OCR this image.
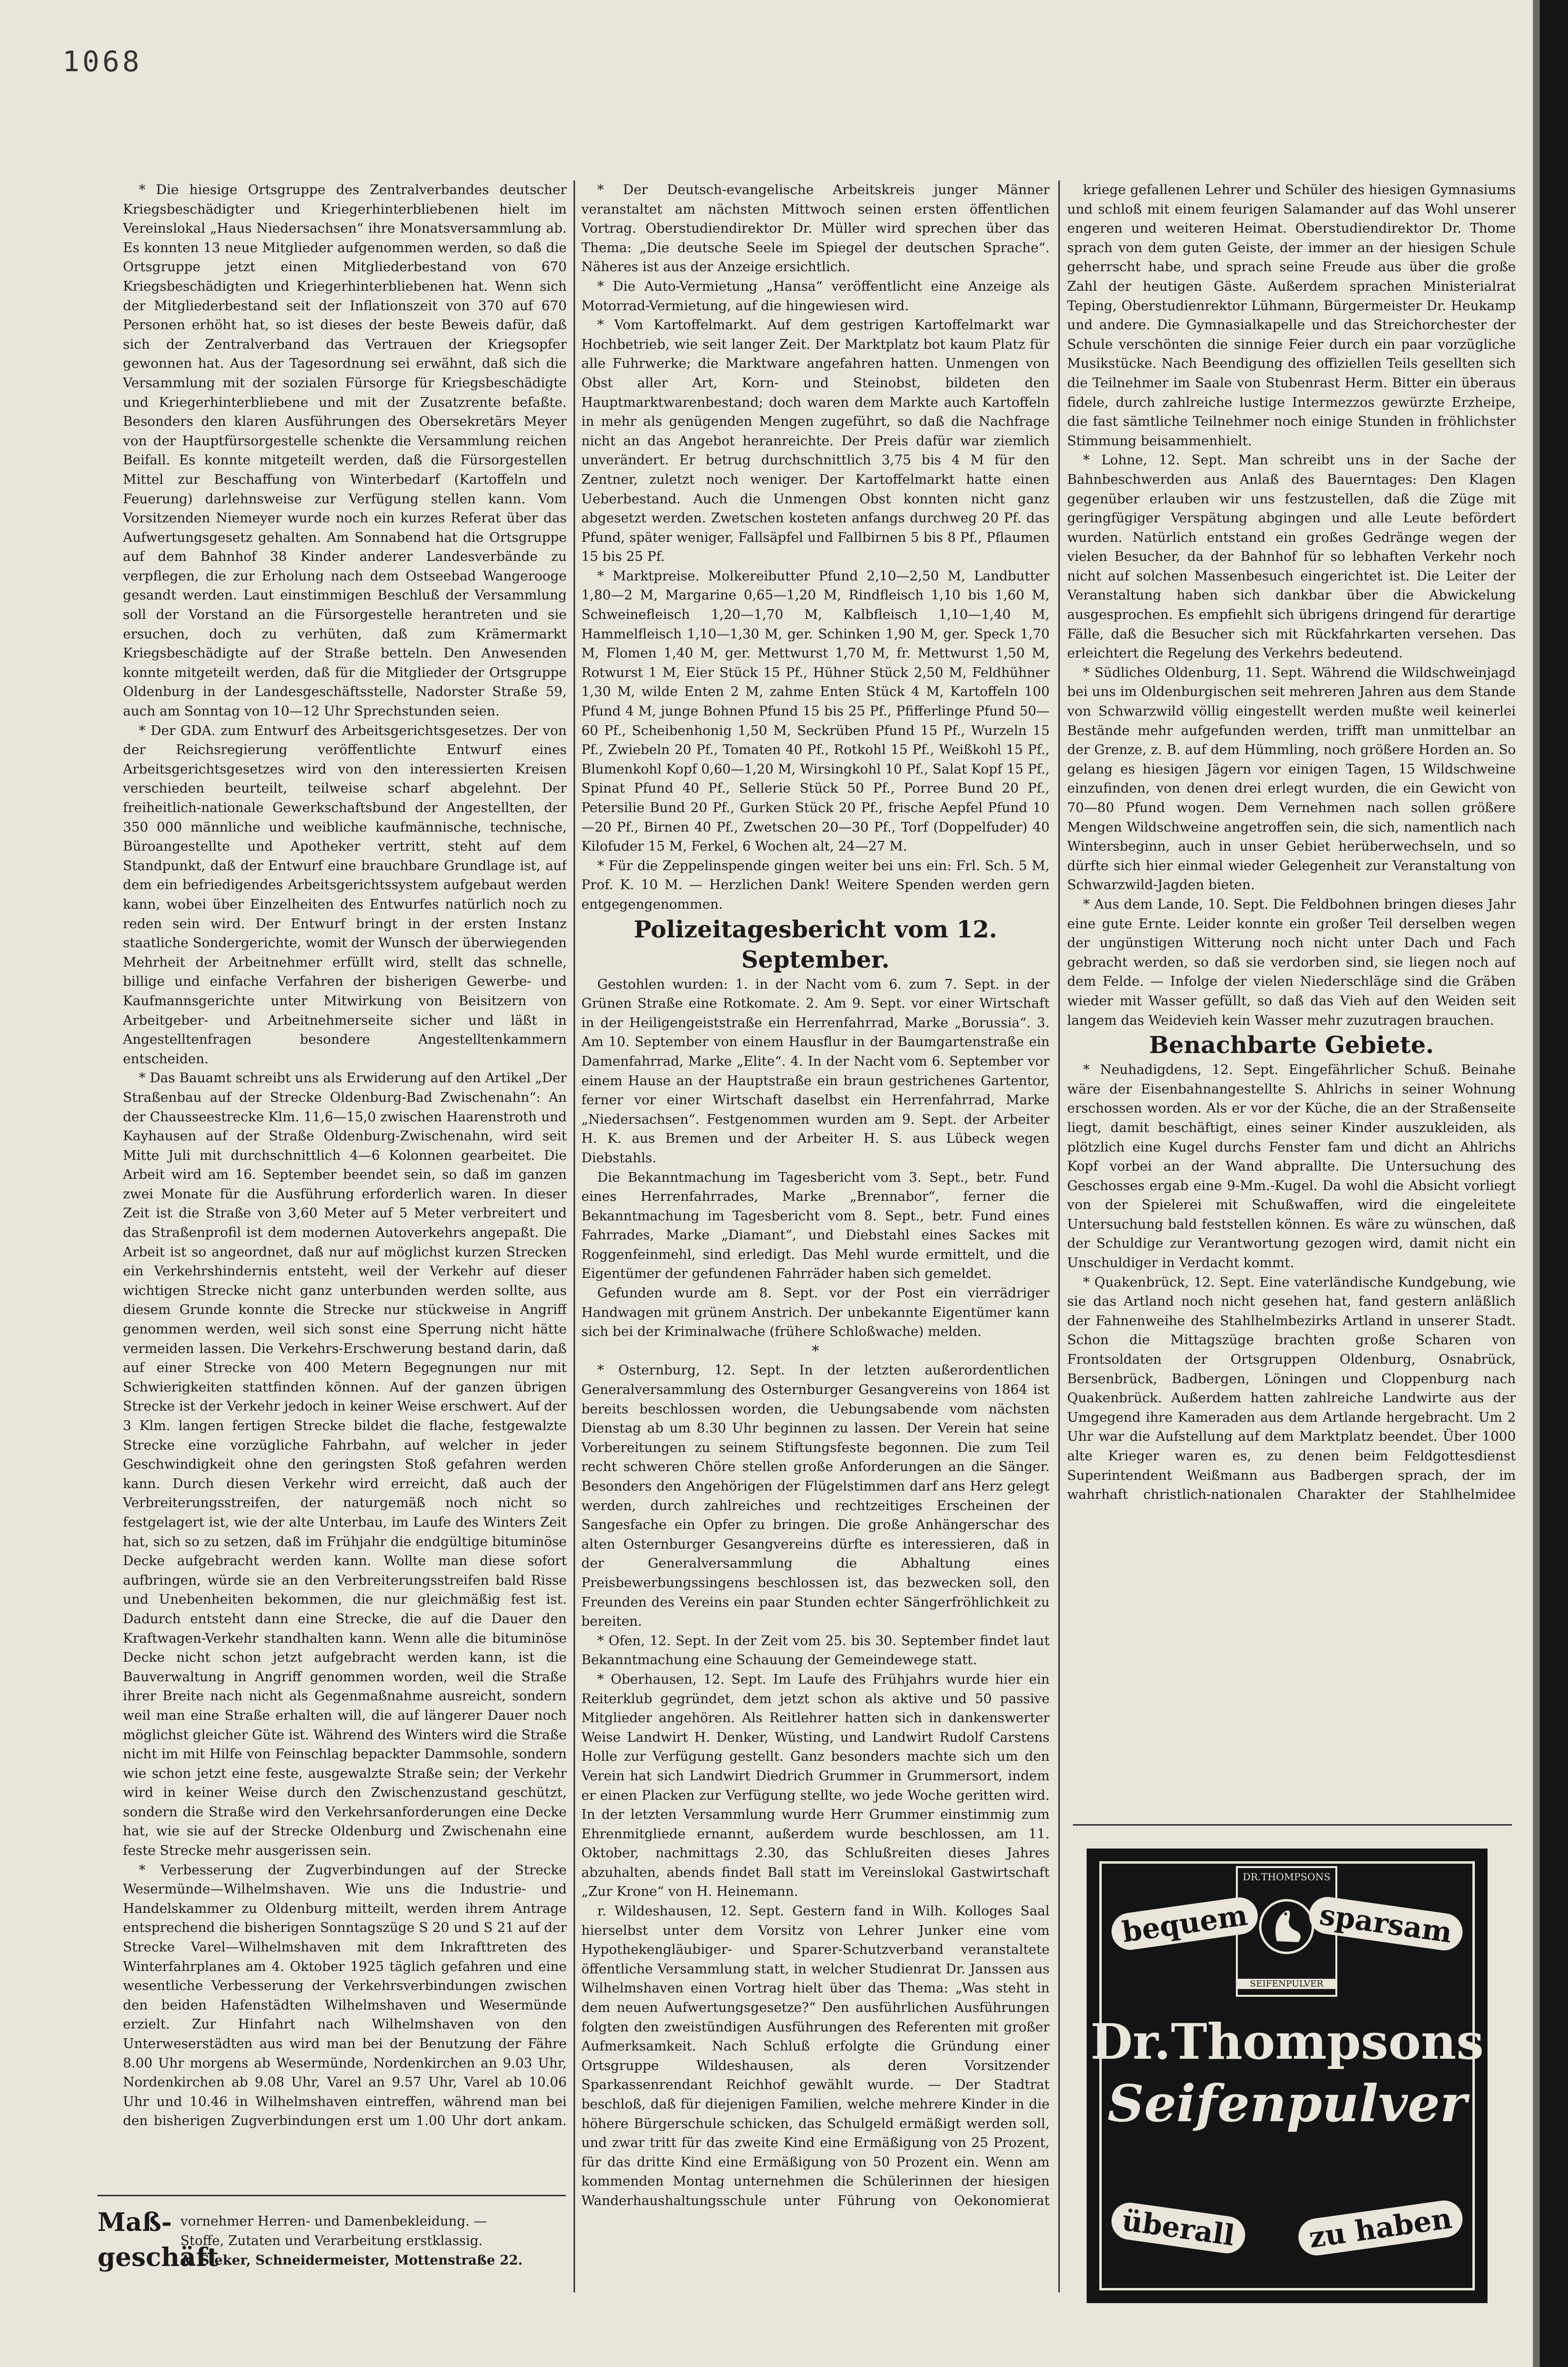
1068

* Die hiesige Ortsgruppe des Zentralverbandes deutscher Kriegsbeschädigter und Kriegerhinterbliebenen hielt im Vereinslokal „Haus Niedersachsen“ ihre Monatsversammlung ab. Es konnten 13 neue Mitglieder aufgenommen werden, so daß die Ortsgruppe jetzt einen Mitgliederbestand von 670 Kriegsbeschädigten und Kriegerhinterbliebenen hat. Wenn sich der Mitgliederbestand seit der Inflationszeit von 370 auf 670 Personen erhöht hat, so ist dieses der beste Beweis dafür, daß sich der Zentralverband das Vertrauen der Kriegsopfer gewonnen hat. Aus der Tagesordnung sei erwähnt, daß sich die Versammlung mit der sozialen Fürsorge für Kriegsbeschädigte und Kriegerhinterbliebene und mit der Zusatzrente befaßte. Besonders den klaren Ausführungen des Obersekretärs Meyer von der Hauptfürsorgestelle schenkte die Versammlung reichen Beifall. Es konnte mitgeteilt werden, daß die Fürsorgestellen Mittel zur Beschaffung von Winterbedarf (Kartoffeln und Feuerung) darlehnsweise zur Verfügung stellen kann. Vom Vorsitzenden Niemeyer wurde noch ein kurzes Referat über das Aufwertungsgesetz gehalten. Am Sonnabend hat die Ortsgruppe auf dem Bahnhof 38 Kinder anderer Landesverbände zu verpflegen, die zur Erholung nach dem Ostseebad Wangerooge gesandt werden. Laut einstimmigen Beschluß der Versammlung soll der Vorstand an die Fürsorgestelle herantreten und sie ersuchen, doch zu verhüten, daß zum Krämermarkt Kriegsbeschädigte auf der Straße betteln. Den Anwesenden konnte mitgeteilt werden, daß für die Mitglieder der Ortsgruppe Oldenburg in der Landesgeschäftsstelle, Nadorster Straße 59, auch am Sonntag von 10—12 Uhr Sprechstunden seien.

* Der GDA. zum Entwurf des Arbeitsgerichtsgesetzes. Der von der Reichsregierung veröffentlichte Entwurf eines Arbeitsgerichtsgesetzes wird von den interessierten Kreisen verschieden beurteilt, teilweise scharf abgelehnt. Der freiheitlich-nationale Gewerkschaftsbund der Angestellten, der 350 000 männliche und weibliche kaufmännische, technische, Büroangestellte und Apotheker vertritt, steht auf dem Standpunkt, daß der Entwurf eine brauchbare Grundlage ist, auf dem ein befriedigendes Arbeitsgerichtssystem aufgebaut werden kann, wobei über Einzelheiten des Entwurfes natürlich noch zu reden sein wird. Der Entwurf bringt in der ersten Instanz staatliche Sondergerichte, womit der Wunsch der überwiegenden Mehrheit der Arbeitnehmer erfüllt wird, stellt das schnelle, billige und einfache Verfahren der bisherigen Gewerbe- und Kaufmannsgerichte unter Mitwirkung von Beisitzern von Arbeitgeber- und Arbeitnehmerseite sicher und läßt in Angestelltenfragen besondere Angestelltenkammern entscheiden.

* Das Bauamt schreibt uns als Erwiderung auf den Artikel „Der Straßenbau auf der Strecke Oldenburg-Bad Zwischenahn“: An der Chausseestrecke Klm. 11,6—15,0 zwischen Haarenstroth und Kayhausen auf der Straße Oldenburg-Zwischenahn, wird seit Mitte Juli mit durchschnittlich 4—6 Kolonnen gearbeitet. Die Arbeit wird am 16. September beendet sein, so daß im ganzen zwei Monate für die Ausführung erforderlich waren. In dieser Zeit ist die Straße von 3,60 Meter auf 5 Meter verbreitert und das Straßenprofil ist dem modernen Autoverkehrs angepaßt. Die Arbeit ist so angeordnet, daß nur auf möglichst kurzen Strecken ein Verkehrshindernis entsteht, weil der Verkehr auf dieser wichtigen Strecke nicht ganz unterbunden werden sollte, aus diesem Grunde konnte die Strecke nur stückweise in Angriff genommen werden, weil sich sonst eine Sperrung nicht hätte vermeiden lassen. Die Verkehrs-Erschwerung bestand darin, daß auf einer Strecke von 400 Metern Begegnungen nur mit Schwierigkeiten stattfinden können. Auf der ganzen übrigen Strecke ist der Verkehr jedoch in keiner Weise erschwert. Auf der 3 Klm. langen fertigen Strecke bildet die flache, festgewalzte Strecke eine vorzügliche Fahrbahn, auf welcher in jeder Geschwindigkeit ohne den geringsten Stoß gefahren werden kann. Durch diesen Verkehr wird erreicht, daß auch der Verbreiterungsstreifen, der naturgemäß noch nicht so festgelagert ist, wie der alte Unterbau, im Laufe des Winters Zeit hat, sich so zu setzen, daß im Frühjahr die endgültige bituminöse Decke aufgebracht werden kann. Wollte man diese sofort aufbringen, würde sie an den Verbreiterungsstreifen bald Risse und Unebenheiten bekommen, die nur gleichmäßig fest ist. Dadurch entsteht dann eine Strecke, die auf die Dauer den Kraftwagen-Verkehr standhalten kann. Wenn alle die bituminöse Decke nicht schon jetzt aufgebracht werden kann, ist die Bauverwaltung in Angriff genommen worden, weil die Straße ihrer Breite nach nicht als Gegenmaßnahme ausreicht, sondern weil man eine Straße erhalten will, die auf längerer Dauer noch möglichst gleicher Güte ist. Während des Winters wird die Straße nicht im mit Hilfe von Feinschlag bepackter Dammsohle, sondern wie schon jetzt eine feste, ausgewalzte Straße sein; der Verkehr wird in keiner Weise durch den Zwischenzustand geschützt, sondern die Straße wird den Verkehrsanforderungen eine Decke hat, wie sie auf der Strecke Oldenburg und Zwischenahn eine feste Strecke mehr ausgerissen sein.

* Verbesserung der Zugverbindungen auf der Strecke Wesermünde—Wilhelmshaven. Wie uns die Industrie- und Handelskammer zu Oldenburg mitteilt, werden ihrem Antrage entsprechend die bisherigen Sonntagszüge S 20 und S 21 auf der Strecke Varel—Wilhelmshaven mit dem Inkrafttreten des Winterfahrplanes am 4. Oktober 1925 täglich gefahren und eine wesentliche Verbesserung der Verkehrsverbindungen zwischen den beiden Hafenstädten Wilhelmshaven und Wesermünde erzielt. Zur Hinfahrt nach Wilhelmshaven von den Unterweserstädten aus wird man bei der Benutzung der Fähre 8.00 Uhr morgens ab Wesermünde, Nordenkirchen an 9.03 Uhr, Nordenkirchen ab 9.08 Uhr, Varel an 9.57 Uhr, Varel ab 10.06 Uhr und 10.46 in Wilhelmshaven eintreffen, während man bei den bisherigen Zugverbindungen erst um 1.00 Uhr dort ankam.

* Der Deutsch-evangelische Arbeitskreis junger Männer veranstaltet am nächsten Mittwoch seinen ersten öffentlichen Vortrag. Oberstudiendirektor Dr. Müller wird sprechen über das Thema: „Die deutsche Seele im Spiegel der deutschen Sprache“. Näheres ist aus der Anzeige ersichtlich.

* Die Auto-Vermietung „Hansa“ veröffentlicht eine Anzeige als Motorrad-Vermietung, auf die hingewiesen wird.

* Vom Kartoffelmarkt. Auf dem gestrigen Kartoffelmarkt war Hochbetrieb, wie seit langer Zeit. Der Marktplatz bot kaum Platz für alle Fuhrwerke; die Marktware angefahren hatten. Unmengen von Obst aller Art, Korn- und Steinobst, bildeten den Hauptmarktwarenbestand; doch waren dem Markte auch Kartoffeln in mehr als genügenden Mengen zugeführt, so daß die Nachfrage nicht an das Angebot heranreichte. Der Preis dafür war ziemlich unverändert. Er betrug durchschnittlich 3,75 bis 4 M für den Zentner, zuletzt noch weniger. Der Kartoffelmarkt hatte einen Ueberbestand. Auch die Unmengen Obst konnten nicht ganz abgesetzt werden. Zwetschen kosteten anfangs durchweg 20 Pf. das Pfund, später weniger, Fallsäpfel und Fallbirnen 5 bis 8 Pf., Pflaumen 15 bis 25 Pf.

* Marktpreise. Molkereibutter Pfund 2,10—2,50 M, Landbutter 1,80—2 M, Margarine 0,65—1,20 M, Rindfleisch 1,10 bis 1,60 M, Schweinefleisch 1,20—1,70 M, Kalbfleisch 1,10—1,40 M, Hammelfleisch 1,10—1,30 M, ger. Schinken 1,90 M, ger. Speck 1,70 M, Flomen 1,40 M, ger. Mettwurst 1,70 M, fr. Mettwurst 1,50 M, Rotwurst 1 M, Eier Stück 15 Pf., Hühner Stück 2,50 M, Feldhühner 1,30 M, wilde Enten 2 M, zahme Enten Stück 4 M, Kartoffeln 100 Pfund 4 M, junge Bohnen Pfund 15 bis 25 Pf., Pfifferlinge Pfund 50—60 Pf., Scheibenhonig 1,50 M, Seckrüben Pfund 15 Pf., Wurzeln 15 Pf., Zwiebeln 20 Pf., Tomaten 40 Pf., Rotkohl 15 Pf., Weißkohl 15 Pf., Blumenkohl Kopf 0,60—1,20 M, Wirsingkohl 10 Pf., Salat Kopf 15 Pf., Spinat Pfund 40 Pf., Sellerie Stück 50 Pf., Porree Bund 20 Pf., Petersilie Bund 20 Pf., Gurken Stück 20 Pf., frische Aepfel Pfund 10—20 Pf., Birnen 40 Pf., Zwetschen 20—30 Pf., Torf (Doppelfuder) 40 Kilofuder 15 M, Ferkel, 6 Wochen alt, 24—27 M.

* Für die Zeppelinspende gingen weiter bei uns ein: Frl. Sch. 5 M, Prof. K. 10 M. — Herzlichen Dank! Weitere Spenden werden gern entgegengenommen.

Polizeitagesbericht vom 12. September.

Gestohlen wurden: 1. in der Nacht vom 6. zum 7. Sept. in der Grünen Straße eine Rotkomate. 2. Am 9. Sept. vor einer Wirtschaft in der Heiligengeiststraße ein Herrenfahrrad, Marke „Borussia“. 3. Am 10. September von einem Hausflur in der Baumgartenstraße ein Damenfahrrad, Marke „Elite“. 4. In der Nacht vom 6. September vor einem Hause an der Hauptstraße ein braun gestrichenes Gartentor, ferner vor einer Wirtschaft daselbst ein Herrenfahrrad, Marke „Niedersachsen“. Festgenommen wurden am 9. Sept. der Arbeiter H. K. aus Bremen und der Arbeiter H. S. aus Lübeck wegen Diebstahls.

Die Bekanntmachung im Tagesbericht vom 3. Sept., betr. Fund eines Herrenfahrrades, Marke „Brennabor“, ferner die Bekanntmachung im Tagesbericht vom 8. Sept., betr. Fund eines Fahrrades, Marke „Diamant“, und Diebstahl eines Sackes mit Roggenfeinmehl, sind erledigt. Das Mehl wurde ermittelt, und die Eigentümer der gefundenen Fahrräder haben sich gemeldet.

Gefunden wurde am 8. Sept. vor der Post ein vierrädriger Handwagen mit grünem Anstrich. Der unbekannte Eigentümer kann sich bei der Kriminalwache (frühere Schloßwache) melden.

*

* Osternburg, 12. Sept. In der letzten außerordentlichen Generalversammlung des Osternburger Gesangvereins von 1864 ist bereits beschlossen worden, die Uebungsabende vom nächsten Dienstag ab um 8.30 Uhr beginnen zu lassen. Der Verein hat seine Vorbereitungen zu seinem Stiftungsfeste begonnen. Die zum Teil recht schweren Chöre stellen große Anforderungen an die Sänger. Besonders den Angehörigen der Flügelstimmen darf ans Herz gelegt werden, durch zahlreiches und rechtzeitiges Erscheinen der Sangesfache ein Opfer zu bringen. Die große Anhängerschar des alten Osternburger Gesangvereins dürfte es interessieren, daß in der Generalversammlung die Abhaltung eines Preisbewerbungssingens beschlossen ist, das bezwecken soll, den Freunden des Vereins ein paar Stunden echter Sängerfröhlichkeit zu bereiten.

* Ofen, 12. Sept. In der Zeit vom 25. bis 30. September findet laut Bekanntmachung eine Schauung der Gemeindewege statt.

* Oberhausen, 12. Sept. Im Laufe des Frühjahrs wurde hier ein Reiterklub gegründet, dem jetzt schon als aktive und 50 passive Mitglieder angehören. Als Reitlehrer hatten sich in dankenswerter Weise Landwirt H. Denker, Wüsting, und Landwirt Rudolf Carstens Holle zur Verfügung gestellt. Ganz besonders machte sich um den Verein hat sich Landwirt Diedrich Grummer in Grummersort, indem er einen Placken zur Verfügung stellte, wo jede Woche geritten wird. In der letzten Versammlung wurde Herr Grummer einstimmig zum Ehrenmitgliede ernannt, außerdem wurde beschlossen, am 11. Oktober, nachmittags 2.30, das Schlußreiten dieses Jahres abzuhalten, abends findet Ball statt im Vereinslokal Gastwirtschaft „Zur Krone“ von H. Heinemann.

r. Wildeshausen, 12. Sept. Gestern fand in Wilh. Kolloges Saal hierselbst unter dem Vorsitz von Lehrer Junker eine vom Hypothekengläubiger- und Sparer-Schutzverband veranstaltete öffentliche Versammlung statt, in welcher Studienrat Dr. Janssen aus Wilhelmshaven einen Vortrag hielt über das Thema: „Was steht in dem neuen Aufwertungsgesetze?“ Den ausführlichen Ausführungen folgten den zweistündigen Ausführungen des Referenten mit großer Aufmerksamkeit. Nach Schluß erfolgte die Gründung einer Ortsgruppe Wildeshausen, als deren Vorsitzender Sparkassenrendant Reichhof gewählt wurde. — Der Stadtrat beschloß, daß für diejenigen Familien, welche mehrere Kinder in die höhere Bürgerschule schicken, das Schulgeld ermäßigt werden soll, und zwar tritt für das zweite Kind eine Ermäßigung von 25 Prozent, für das dritte Kind eine Ermäßigung von 50 Prozent ein. Wenn am kommenden Montag unternehmen die Schülerinnen der hiesigen Wanderhaushaltungsschule unter Führung von Oekonomierat

kriege gefallenen Lehrer und Schüler des hiesigen Gymnasiums und schloß mit einem feurigen Salamander auf das Wohl unserer engeren und weiteren Heimat. Oberstudiendirektor Dr. Thome sprach von dem guten Geiste, der immer an der hiesigen Schule geherrscht habe, und sprach seine Freude aus über die große Zahl der heutigen Gäste. Außerdem sprachen Ministerialrat Teping, Oberstudienrektor Lühmann, Bürgermeister Dr. Heukamp und andere. Die Gymnasialkapelle und das Streichorchester der Schule verschönten die sinnige Feier durch ein paar vorzügliche Musikstücke. Nach Beendigung des offiziellen Teils gesellten sich die Teilnehmer im Saale von Stubenrast Herm. Bitter ein überaus fidele, durch zahlreiche lustige Intermezzos gewürzte Erzheipe, die fast sämtliche Teilnehmer noch einige Stunden in fröhlichster Stimmung beisammenhielt.

* Lohne, 12. Sept. Man schreibt uns in der Sache der Bahnbeschwerden aus Anlaß des Bauerntages: Den Klagen gegenüber erlauben wir uns festzustellen, daß die Züge mit geringfügiger Verspätung abgingen und alle Leute befördert wurden. Natürlich entstand ein großes Gedränge wegen der vielen Besucher, da der Bahnhof für so lebhaften Verkehr noch nicht auf solchen Massenbesuch eingerichtet ist. Die Leiter der Veranstaltung haben sich dankbar über die Abwickelung ausgesprochen. Es empfiehlt sich übrigens dringend für derartige Fälle, daß die Besucher sich mit Rückfahrkarten versehen. Das erleichtert die Regelung des Verkehrs bedeutend.

* Südliches Oldenburg, 11. Sept. Während die Wildschweinjagd bei uns im Oldenburgischen seit mehreren Jahren aus dem Stande von Schwarzwild völlig eingestellt werden mußte weil keinerlei Bestände mehr aufgefunden werden, trifft man unmittelbar an der Grenze, z. B. auf dem Hümmling, noch größere Horden an. So gelang es hiesigen Jägern vor einigen Tagen, 15 Wildschweine einzufinden, von denen drei erlegt wurden, die ein Gewicht von 70—80 Pfund wogen. Dem Vernehmen nach sollen größere Mengen Wildschweine angetroffen sein, die sich, namentlich nach Wintersbeginn, auch in unser Gebiet herüberwechseln, und so dürfte sich hier einmal wieder Gelegenheit zur Veranstaltung von Schwarzwild-Jagden bieten.

* Aus dem Lande, 10. Sept. Die Feldbohnen bringen dieses Jahr eine gute Ernte. Leider konnte ein großer Teil derselben wegen der ungünstigen Witterung noch nicht unter Dach und Fach gebracht werden, so daß sie verdorben sind, sie liegen noch auf dem Felde. — Infolge der vielen Niederschläge sind die Gräben wieder mit Wasser gefüllt, so daß das Vieh auf den Weiden seit langem das Weidevieh kein Wasser mehr zuzutragen brauchen.

Benachbarte Gebiete.

* Neuhadigdens, 12. Sept. Eingefährlicher Schuß. Beinahe wäre der Eisenbahnangestellte S. Ahlrichs in seiner Wohnung erschossen worden. Als er vor der Küche, die an der Straßenseite liegt, damit beschäftigt, eines seiner Kinder auszukleiden, als plötzlich eine Kugel durchs Fenster fam und dicht an Ahlrichs Kopf vorbei an der Wand abprallte. Die Untersuchung des Geschosses ergab eine 9-Mm.-Kugel. Da wohl die Absicht vorliegt von der Spielerei mit Schußwaffen, wird die eingeleitete Untersuchung bald feststellen können. Es wäre zu wünschen, daß der Schuldige zur Verantwortung gezogen wird, damit nicht ein Unschuldiger in Verdacht kommt.

* Quakenbrück, 12. Sept. Eine vaterländische Kundgebung, wie sie das Artland noch nicht gesehen hat, fand gestern anläßlich der Fahnenweihe des Stahlhelmbezirks Artland in unserer Stadt. Schon die Mittagszüge brachten große Scharen von Frontsoldaten der Ortsgruppen Oldenburg, Osnabrück, Bersenbrück, Badbergen, Löningen und Cloppenburg nach Quakenbrück. Außerdem hatten zahlreiche Landwirte aus der Umgegend ihre Kameraden aus dem Artlande hergebracht. Um 2 Uhr war die Aufstellung auf dem Marktplatz beendet. Über 1000 alte Krieger waren es, zu denen beim Feldgottesdienst Superintendent Weißmann aus Badbergen sprach, der im wahrhaft christlich-nationalen Charakter der Stahlhelmidee

Maß-
geschäft
vornehmer Herren- und Damenbekleidung. —
Stoffe, Zutaten und Verarbeitung erstklassig.
A. Sieker, Schneidermeister, Mottenstraße 22.
DR.THOMPSONS
SEIFENPULVER
bequem	sparsam
Dr.Thompsons
Seifenpulver
überall	zu haben
